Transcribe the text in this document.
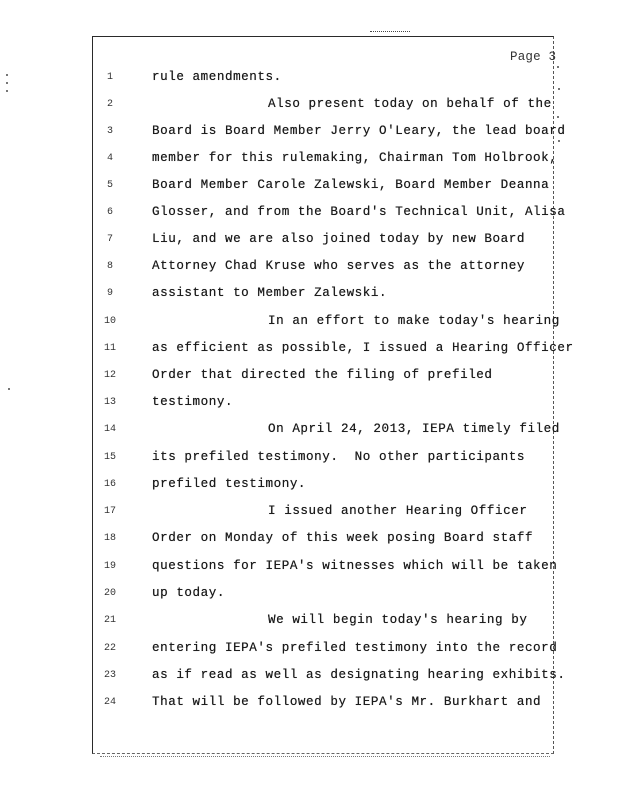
Page 3
1
2
3
4
5
6
7
8
9
10
11
12
13
14
15
16
17
18
19
20
21
22
23
24
rule amendments.
Also present today on behalf of the
Board is Board Member Jerry O'Leary, the lead board
member for this rulemaking, Chairman Tom Holbrook,
Board Member Carole Zalewski, Board Member Deanna
Glosser, and from the Board's Technical Unit, Alisa
Liu, and we are also joined today by new Board
Attorney Chad Kruse who serves as the attorney
assistant to Member Zalewski.
In an effort to make today's hearing
as efficient as possible, I issued a Hearing Officer
Order that directed the filing of prefiled
testimony.
On April 24, 2013, IEPA timely filed
its prefiled testimony.  No other participants
prefiled testimony.
I issued another Hearing Officer
Order on Monday of this week posing Board staff
questions for IEPA's witnesses which will be taken
up today.
We will begin today's hearing by
entering IEPA's prefiled testimony into the record
as if read as well as designating hearing exhibits.
That will be followed by IEPA's Mr. Burkhart and
